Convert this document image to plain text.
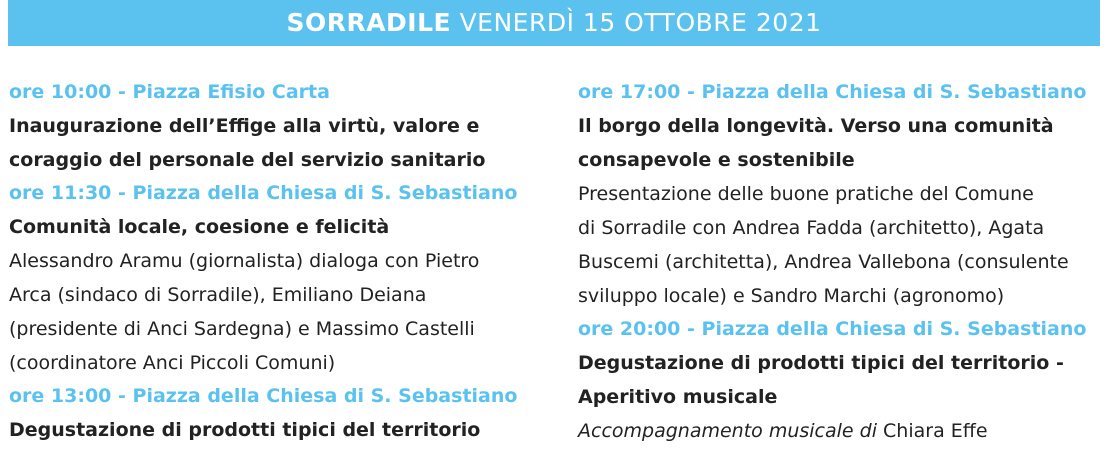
SORRADILE VENERDÌ 15 OTTOBRE 2021
ore 10:00 - Piazza Efisio Carta
Inaugurazione dell’Effige alla virtù, valore e
coraggio del personale del servizio sanitario
ore 11:30 - Piazza della Chiesa di S. Sebastiano
Comunità locale, coesione e felicità
Alessandro Aramu (giornalista) dialoga con Pietro
Arca (sindaco di Sorradile), Emiliano Deiana
(presidente di Anci Sardegna) e Massimo Castelli
(coordinatore Anci Piccoli Comuni)
ore 13:00 - Piazza della Chiesa di S. Sebastiano
Degustazione di prodotti tipici del territorio
ore 17:00 - Piazza della Chiesa di S. Sebastiano
Il borgo della longevità. Verso una comunità
consapevole e sostenibile
Presentazione delle buone pratiche del Comune
di Sorradile con Andrea Fadda (architetto), Agata
Buscemi (architetta), Andrea Vallebona (consulente
sviluppo locale) e Sandro Marchi (agronomo)
ore 20:00 - Piazza della Chiesa di S. Sebastiano
Degustazione di prodotti tipici del territorio -
Aperitivo musicale
Accompagnamento musicale di Chiara Effe
